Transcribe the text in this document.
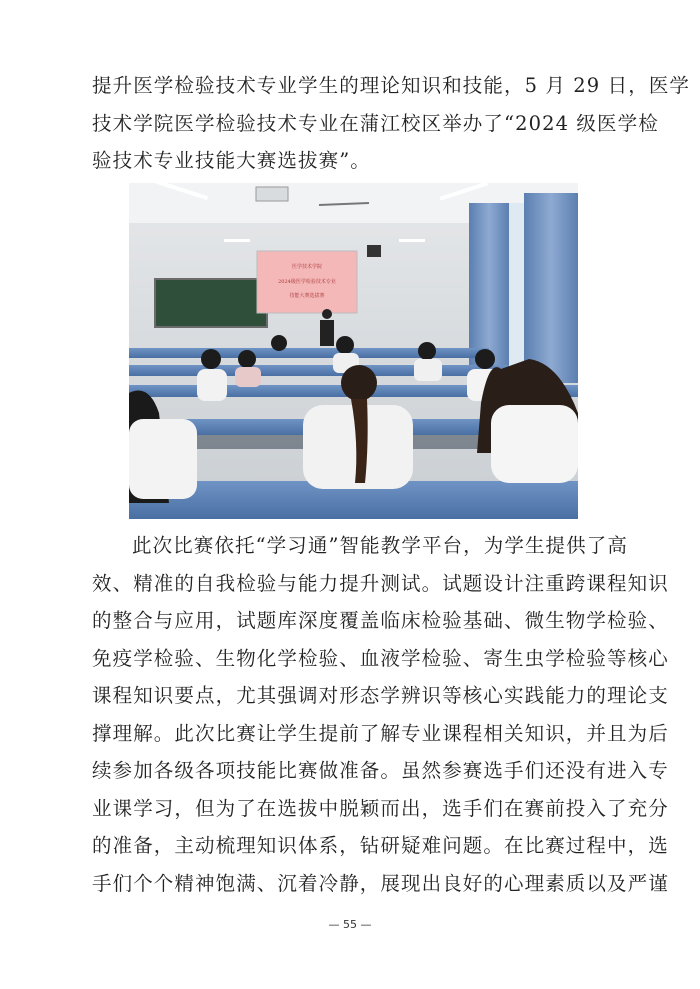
提升医学检验技术专业学生的理论知识和技能，5 月 29 日，医学
技术学院医学检验技术专业在蒲江校区举办了“2024 级医学检
验技术专业技能大赛选拔赛”。
医学技术学院
2024级医学检验技术专业
技能大赛选拔赛
此次比赛依托“学习通”智能教学平台，为学生提供了高
效、精准的自我检验与能力提升测试。试题设计注重跨课程知识
的整合与应用，试题库深度覆盖临床检验基础、微生物学检验、
免疫学检验、生物化学检验、血液学检验、寄生虫学检验等核心
课程知识要点，尤其强调对形态学辨识等核心实践能力的理论支
撑理解。此次比赛让学生提前了解专业课程相关知识，并且为后
续参加各级各项技能比赛做准备。虽然参赛选手们还没有进入专
业课学习，但为了在选拔中脱颖而出，选手们在赛前投入了充分
的准备，主动梳理知识体系，钻研疑难问题。在比赛过程中，选
手们个个精神饱满、沉着冷静，展现出良好的心理素质以及严谨
— 55 —
